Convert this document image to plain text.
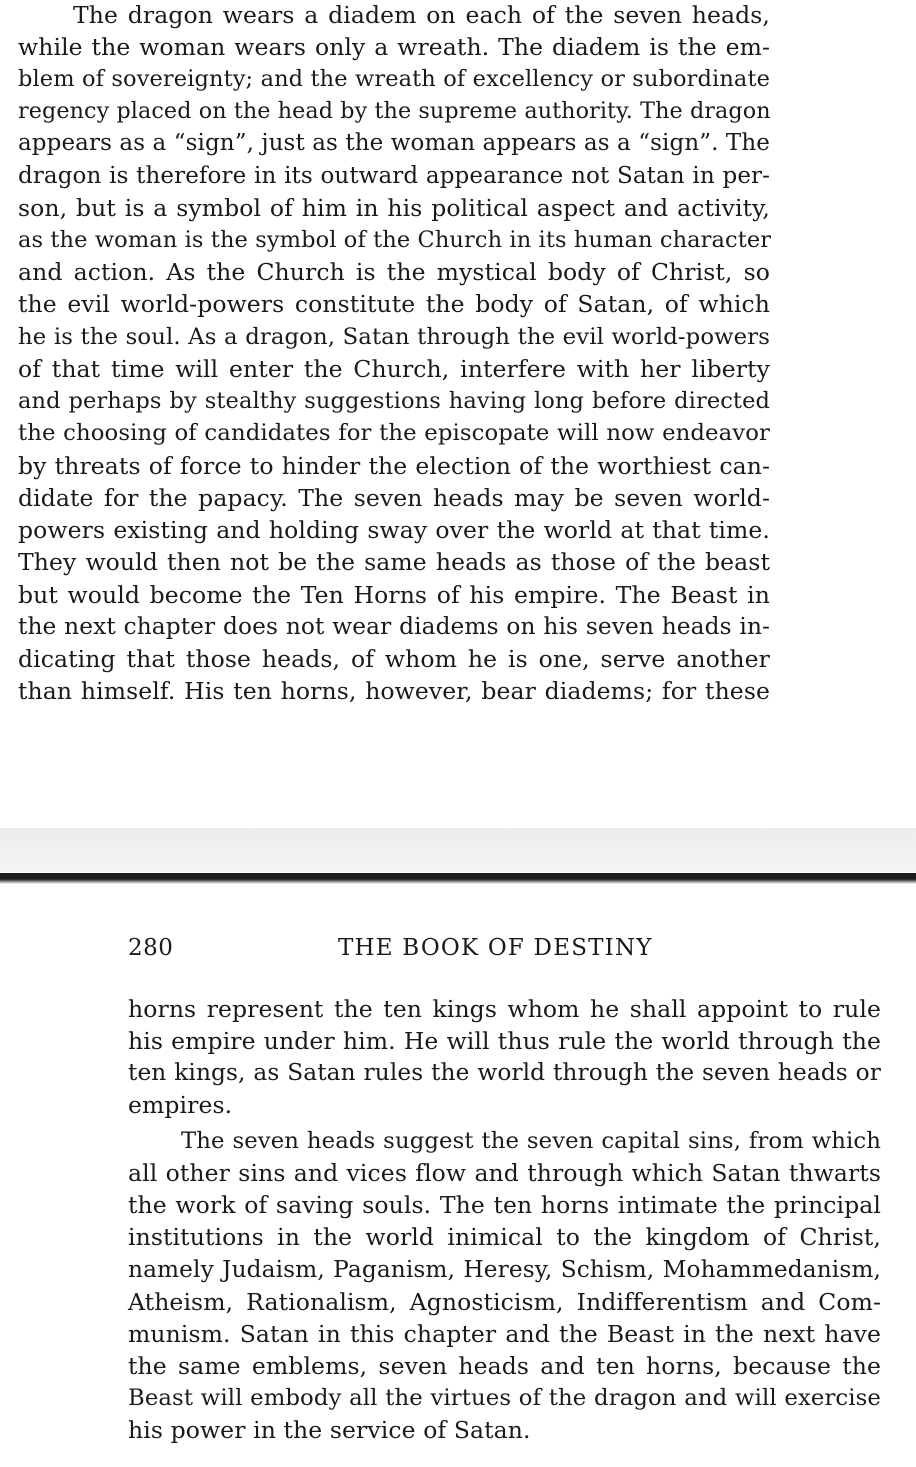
The dragon wears a diadem on each of the seven heads,
while the woman wears only a wreath. The diadem is the em-
blem of sovereignty; and the wreath of excellency or subordinate
regency placed on the head by the supreme authority. The dragon
appears as a “sign”, just as the woman appears as a “sign”. The
dragon is therefore in its outward appearance not Satan in per-
son, but is a symbol of him in his political aspect and activity,
as the woman is the symbol of the Church in its human character
and action. As the Church is the mystical body of Christ, so
the evil world-powers constitute the body of Satan, of which
he is the soul. As a dragon, Satan through the evil world-powers
of that time will enter the Church, interfere with her liberty
and perhaps by stealthy suggestions having long before directed
the choosing of candidates for the episcopate will now endeavor
by threats of force to hinder the election of the worthiest can-
didate for the papacy. The seven heads may be seven world-
powers existing and holding sway over the world at that time.
They would then not be the same heads as those of the beast
but would become the Ten Horns of his empire. The Beast in
the next chapter does not wear diadems on his seven heads in-
dicating that those heads, of whom he is one, serve another
than himself. His ten horns, however, bear diadems; for these
280	THE BOOK OF DESTINY
horns represent the ten kings whom he shall appoint to rule
his empire under him. He will thus rule the world through the
ten kings, as Satan rules the world through the seven heads or
empires.
The seven heads suggest the seven capital sins, from which
all other sins and vices flow and through which Satan thwarts
the work of saving souls. The ten horns intimate the principal
institutions in the world inimical to the kingdom of Christ,
namely Judaism, Paganism, Heresy, Schism, Mohammedanism,
Atheism, Rationalism, Agnosticism, Indifferentism and Com-
munism. Satan in this chapter and the Beast in the next have
the same emblems, seven heads and ten horns, because the
Beast will embody all the virtues of the dragon and will exercise
his power in the service of Satan.
